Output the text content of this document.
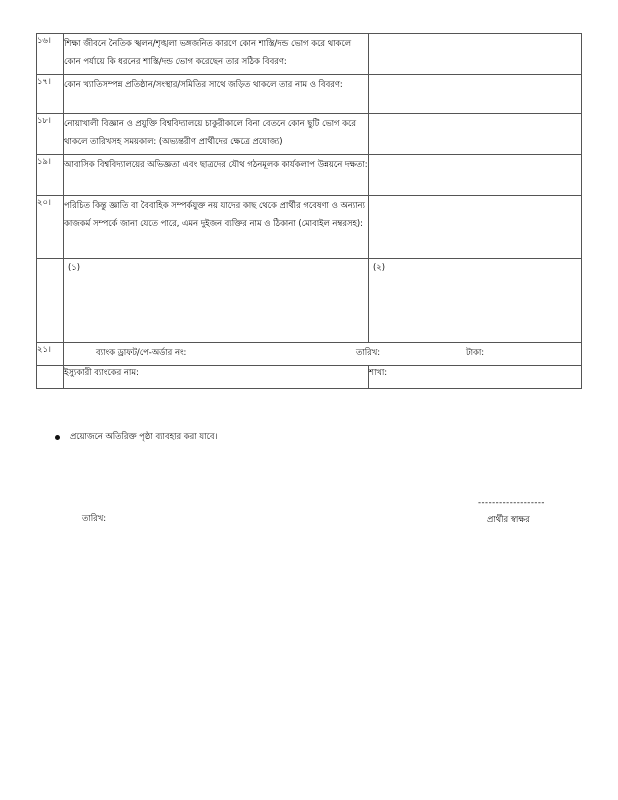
১৬।	শিক্ষা জীবনে নৈতিক স্খলন/শৃঙ্খলা ভঙ্গজনিত কারণে কোন শাস্তি/দন্ড ভোগ করে থাকলে কোন পর্যায়ে কি ধরনের শাস্তি/দন্ড ভোগ করেছেন তার সঠিক বিবরণ:	
১৭।	কোন খ্যাতিসম্পন্ন প্রতিষ্ঠান/সংস্থার/সমিতির সাথে জড়িত থাকলে তার নাম ও বিবরণ:	
১৮।	নোয়াখালী বিজ্ঞান ও প্রযুক্তি বিশ্ববিদ্যালয়ে চাকুরীকালে বিনা বেতনে কোন ছুটি ভোগ করে থাকলে তারিখসহ সময়কাল: (অভ্যন্তরীণ প্রার্থীদের ক্ষেত্রে প্রযোজ্য)	
১৯।	আবাসিক বিশ্ববিদ্যালয়ের অভিজ্ঞতা এবং ছাত্রদের যৌথ গঠনমূলক কার্যকলাপ উন্নয়নে দক্ষতা:	
২০।	পরিচিত কিন্তু জ্ঞাতি বা বৈবাহিক সম্পর্কযুক্ত নয় যাদের কাছ থেকে প্রার্থীর গবেষণা ও অন্যান্য কাজকর্ম সম্পর্কে জানা যেতে পারে, এমন দুইজন ব্যক্তির নাম ও ঠিকানা (মোবাইল নম্বরসহ):	
	(১)	(২)
২১।	ব্যাংক ড্রাফট/পে-অর্ডার নং: তারিখ: টাকা:	

	ইস্যুকারী ব্যাংকের নাম:	শাখা:
প্রয়োজনে অতিরিক্ত পৃষ্ঠা ব্যাবহার করা যাবে।
তারিখ:
-------------------
প্রার্থীর স্বাক্ষর
